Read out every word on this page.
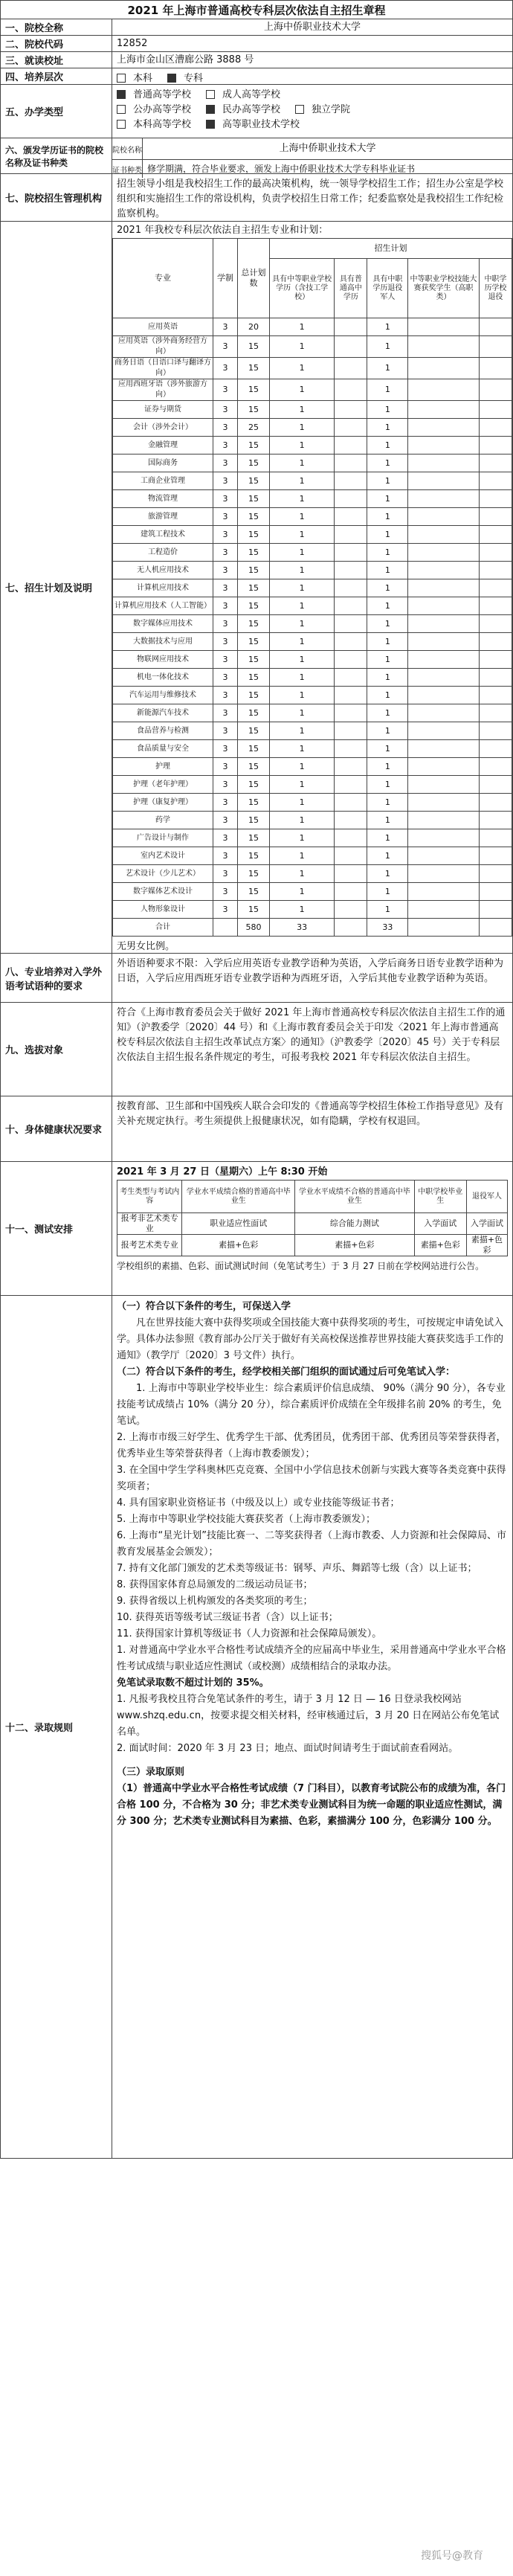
2021 年上海市普通高校专科层次依法自主招生章程
一、院校全称	上海中侨职业技术大学
二、院校代码	12852
三、就读校址	上海市金山区漕廊公路 3888 号
四、培养层次	本科	专科
五、办学类型
普通高等学校	成人高等学校
公办高等学校	民办高等学校	独立学院
本科高等学校	高等职业技术学校
六、颁发学历证书的院校名称及证书种类
院校名称	上海中侨职业技术大学
证书种类 修学期满，符合毕业要求，颁发上海中侨职业技术大学专科毕业证书
七、院校招生管理机构
招生领导小组是我校招生工作的最高决策机构，统一领导学校招生工作；招生办公室是学校组织和实施招生工作的常设机构，负责学校招生日常工作；纪委监察处是我校招生工作纪检监察机构。
七、招生计划及说明
2021 年我校专科层次依法自主招生专业和计划：
专业	学制	总计划数	招生计划				
			具有中等职业学校学历（含技工学校）	具有普通高中学历	具有中职学历退役军人	中等职业学校技能大赛获奖学生（高职类）	中职学历学校退役
应用英语	3	20	1		1		
应用英语（涉外商务经营方向）	3	15	1		1		
商务日语（日语口译与翻译方向）	3	15	1		1		
应用西班牙语（涉外旅游方向）	3	15	1		1		
证券与期货	3	15	1		1		
会计（涉外会计）	3	25	1		1		
金融管理	3	15	1		1		
国际商务	3	15	1		1		
工商企业管理	3	15	1		1		
物流管理	3	15	1		1		
旅游管理	3	15	1		1		
建筑工程技术	3	15	1		1		
工程造价	3	15	1		1		
无人机应用技术	3	15	1		1		
计算机应用技术	3	15	1		1		
计算机应用技术（人工智能）	3	15	1		1		
数字媒体应用技术	3	15	1		1		
大数据技术与应用	3	15	1		1		
物联网应用技术	3	15	1		1		
机电一体化技术	3	15	1		1		
汽车运用与维修技术	3	15	1		1		
新能源汽车技术	3	15	1		1		
食品营养与检测	3	15	1		1		
食品质量与安全	3	15	1		1		
护理	3	15	1		1		
护理（老年护理）	3	15	1		1		
护理（康复护理）	3	15	1		1		
药学	3	15	1		1		
广告设计与制作	3	15	1		1		
室内艺术设计	3	15	1		1		
艺术设计（少儿艺术）	3	15	1		1		
数字媒体艺术设计	3	15	1		1		
人物形象设计	3	15	1		1		
合计		580	33		33		
无男女比例。
八、专业培养对入学外语考试语种的要求
外语语种要求不限：入学后应用英语专业教学语种为英语，入学后商务日语专业教学语种为日语，入学后应用西班牙语专业教学语种为西班牙语，入学后其他专业教学语种为英语。
九、选拔对象
符合《上海市教育委员会关于做好 2021 年上海市普通高校专科层次依法自主招生工作的通知》（沪教委学〔2020〕44 号）和《上海市教育委员会关于印发〈2021 年上海市普通高校专科层次依法自主招生改革试点方案〉的通知》（沪教委学〔2020〕45 号）关于专科层次依法自主招生报名条件规定的考生，可报考我校 2021 年专科层次依法自主招生。
十、身体健康状况要求
按教育部、卫生部和中国残疾人联合会印发的《普通高等学校招生体检工作指导意见》及有关补充规定执行。考生须提供上报健康状况，如有隐瞒，学校有权退回。
十一、测试安排

2021 年 3 月 27 日（星期六）上午 8:30 开始

考生类型与考试内容	学业水平成绩合格的普通高中毕业生	学业水平成绩不合格的普通高中毕业生	中职学校毕业生	退役军人
报考非艺术类专业	职业适应性面试	综合能力测试	入学面试	入学面试
报考艺术类专业	素描+色彩	素描+色彩	素描+色彩	素描+色彩

学校组织的素描、色彩、面试测试时间（免笔试考生）于 3 月 27 日前在学校网站进行公告。

十二、录取规则

（一）符合以下条件的考生，可保送入学

凡在世界技能大赛中获得奖项或全国技能大赛中获得奖项的考生，可按规定申请免试入学。具体办法参照《教育部办公厅关于做好有关高校保送推荐世界技能大赛获奖选手工作的通知》（教学厅〔2020〕3 号文件）执行。

（二）符合以下条件的考生，经学校相关部门组织的面试通过后可免笔试入学：

1. 上海市中等职业学校毕业生：综合素质评价信息成绩、 90%（满分 90 分），各专业技能考试成绩占 10%（满分 20 分），综合素质评价成绩在全年级排名前 20% 的考生，免笔试。

2. 上海市市级三好学生、优秀学生干部、优秀团员，优秀团干部、优秀团员等荣誉获得者，优秀毕业生等荣誉获得者（上海市教委颁发）；

3. 在全国中学生学科奥林匹克竞赛、全国中小学信息技术创新与实践大赛等各类竞赛中获得奖项者；

4. 具有国家职业资格证书（中级及以上）或专业技能等级证书者；

5. 上海市中等职业学校技能大赛获奖者（上海市教委颁发）；

6. 上海市“星光计划”技能比赛一、二等奖获得者（上海市教委、人力资源和社会保障局、市教育发展基金会颁发）；

7. 持有文化部门颁发的艺术类等级证书：钢琴、声乐、舞蹈等七级（含）以上证书；

8. 获得国家体育总局颁发的二级运动员证书；

9. 获得省级以上机构颁发的各类奖项的考生；

10. 获得英语等级考试三级证书者（含）以上证书；

11. 获得国家计算机等级证书（人力资源和社会保障局颁发）。

1. 对普通高中学业水平合格性考试成绩齐全的应届高中毕业生，采用普通高中学业水平合格性考试成绩与职业适应性测试（或校测）成绩相结合的录取办法。

免笔试录取数不超过计划的 35%。

1. 凡报考我校且符合免笔试条件的考生，请于 3 月 12 日 — 16 日登录我校网站 www.shzq.edu.cn，按要求提交相关材料，经审核通过后，3 月 20 日在网站公布免笔试名单。

2. 面试时间：2020 年 3 月 23 日；地点、面试时间请考生于面试前查看网站。

（三）录取原则

（1）普通高中学业水平合格性考试成绩（7 门科目），以教育考试院公布的成绩为准，各门合格 100 分，不合格为 30 分；非艺术类专业测试科目为统一命题的职业适应性测试，满分 300 分；艺术类专业测试科目为素描、色彩，素描满分 100 分，色彩满分 100 分。

搜狐号@教育
